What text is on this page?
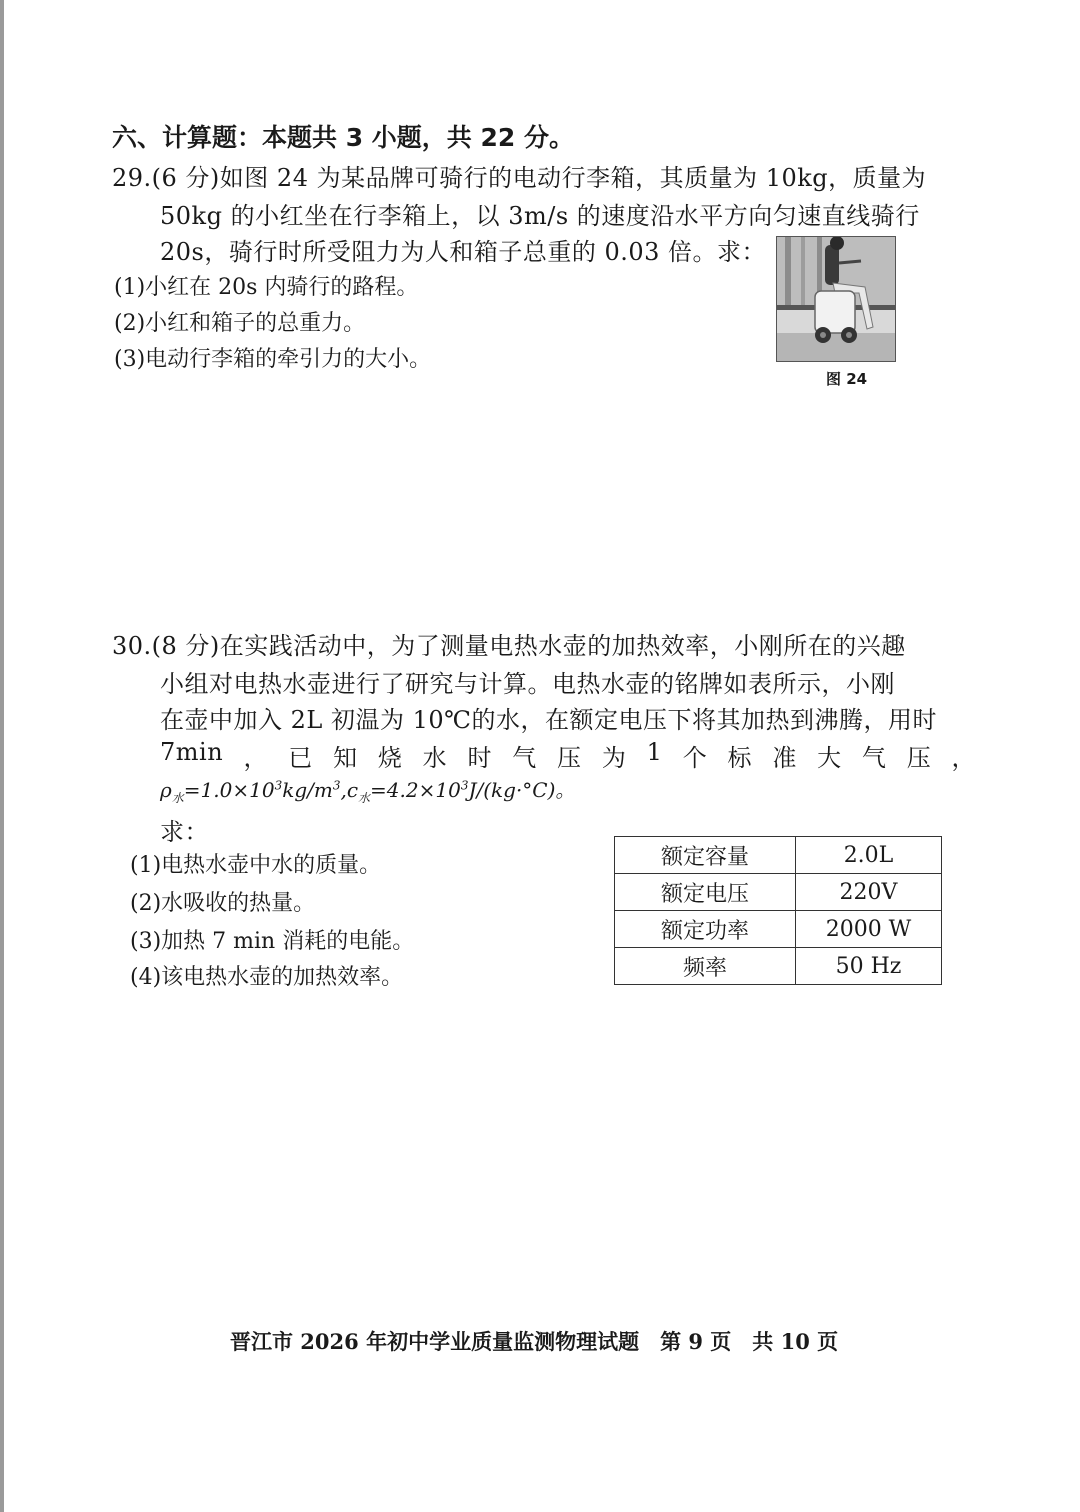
六、计算题：本题共 3 小题，共 22 分。
29.(6 分)如图 24 为某品牌可骑行的电动行李箱，其质量为 10kg，质量为
50kg 的小红坐在行李箱上，以 3m/s 的速度沿水平方向匀速直线骑行
20s，骑行时所受阻力为人和箱子总重的 0.03 倍。求：
(1)小红在 20s 内骑行的路程。
(2)小红和箱子的总重力。
(3)电动行李箱的牵引力的大小。
图 24
30.(8 分)在实践活动中，为了测量电热水壶的加热效率，小刚所在的兴趣
小组对电热水壶进行了研究与计算。电热水壶的铭牌如表所示，小刚
在壶中加入 2L 初温为 10℃的水，在额定电压下将其加热到沸腾，用时
7min ， 已 知 烧 水 时 气 压 为 1 个 标 准 大 气 压 ，
$\rho_水=1.0\times 10^3kg/m^3,c_水=4.2\times 10^3J/(kg\cdot^\circ C)$。
求：
(1)电热水壶中水的质量。
(2)水吸收的热量。
(3)加热 7 min 消耗的电能。
(4)该电热水壶的加热效率。
额定容量	2.0L
额定电压	220V
额定功率	2000 W
频率	50 Hz
晋江市 2026 年初中学业质量监测物理试题　第 9 页　共 10 页
